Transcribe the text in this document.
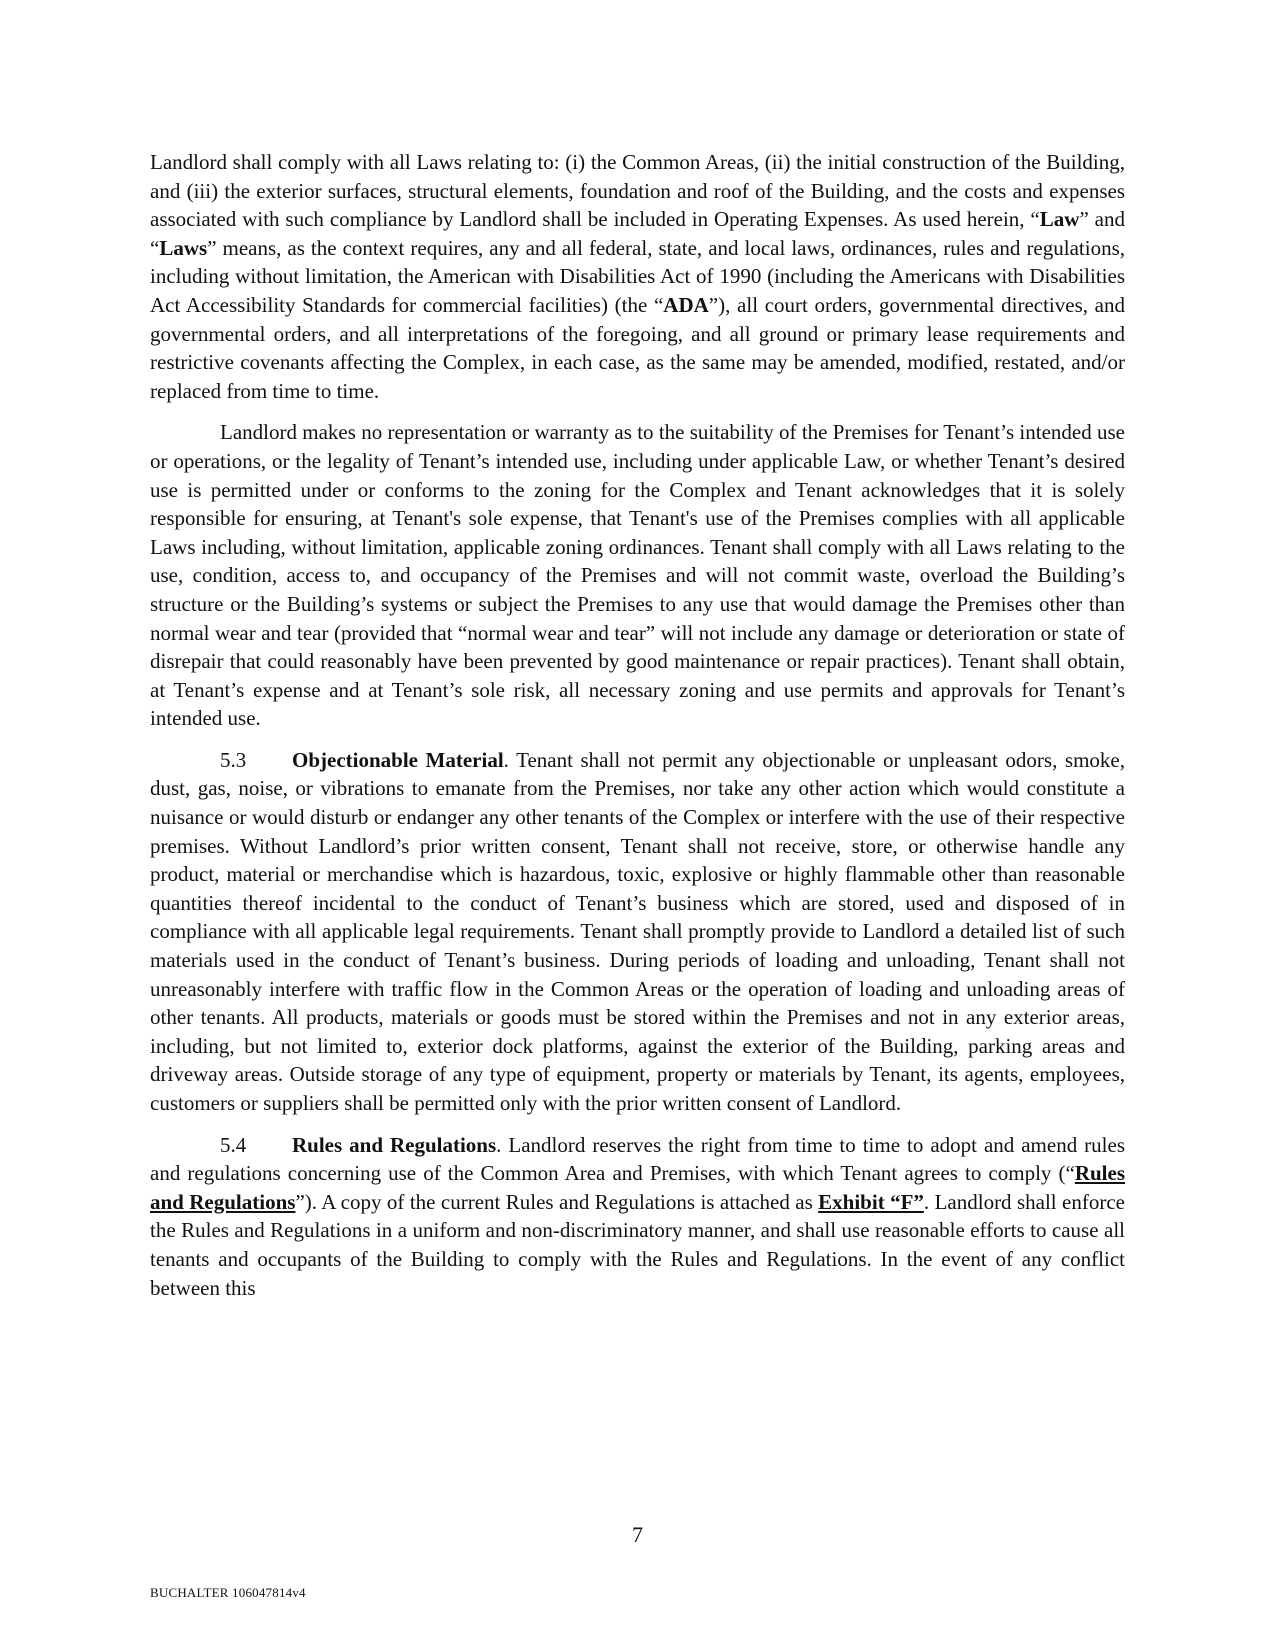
Landlord shall comply with all Laws relating to: (i) the Common Areas, (ii) the initial construction of the Building, and (iii) the exterior surfaces, structural elements, foundation and roof of the Building, and the costs and expenses associated with such compliance by Landlord shall be included in Operating Expenses. As used herein, “Law” and “Laws” means, as the context requires, any and all federal, state, and local laws, ordinances, rules and regulations, including without limitation, the American with Disabilities Act of 1990 (including the Americans with Disabilities Act Accessibility Standards for commercial facilities) (the “ADA”), all court orders, governmental directives, and governmental orders, and all interpretations of the foregoing, and all ground or primary lease requirements and restrictive covenants affecting the Complex, in each case, as the same may be amended, modified, restated, and/or replaced from time to time.

Landlord makes no representation or warranty as to the suitability of the Premises for Tenant’s intended use or operations, or the legality of Tenant’s intended use, including under applicable Law, or whether Tenant’s desired use is permitted under or conforms to the zoning for the Complex and Tenant acknowledges that it is solely responsible for ensuring, at Tenant's sole expense, that Tenant's use of the Premises complies with all applicable Laws including, without limitation, applicable zoning ordinances. Tenant shall comply with all Laws relating to the use, condition, access to, and occupancy of the Premises and will not commit waste, overload the Building’s structure or the Building’s systems or subject the Premises to any use that would damage the Premises other than normal wear and tear (provided that “normal wear and tear” will not include any damage or deterioration or state of disrepair that could reasonably have been prevented by good maintenance or repair practices). Tenant shall obtain, at Tenant’s expense and at Tenant’s sole risk, all necessary zoning and use permits and approvals for Tenant’s intended use.

5.3 Objectionable Material. Tenant shall not permit any objectionable or unpleasant odors, smoke, dust, gas, noise, or vibrations to emanate from the Premises, nor take any other action which would constitute a nuisance or would disturb or endanger any other tenants of the Complex or interfere with the use of their respective premises. Without Landlord’s prior written consent, Tenant shall not receive, store, or otherwise handle any product, material or merchandise which is hazardous, toxic, explosive or highly flammable other than reasonable quantities thereof incidental to the conduct of Tenant’s business which are stored, used and disposed of in compliance with all applicable legal requirements. Tenant shall promptly provide to Landlord a detailed list of such materials used in the conduct of Tenant’s business. During periods of loading and unloading, Tenant shall not unreasonably interfere with traffic flow in the Common Areas or the operation of loading and unloading areas of other tenants. All products, materials or goods must be stored within the Premises and not in any exterior areas, including, but not limited to, exterior dock platforms, against the exterior of the Building, parking areas and driveway areas. Outside storage of any type of equipment, property or materials by Tenant, its agents, employees, customers or suppliers shall be permitted only with the prior written consent of Landlord.

5.4 Rules and Regulations. Landlord reserves the right from time to time to adopt and amend rules and regulations concerning use of the Common Area and Premises, with which Tenant agrees to comply (“Rules and Regulations”). A copy of the current Rules and Regulations is attached as Exhibit “F”. Landlord shall enforce the Rules and Regulations in a uniform and non-discriminatory manner, and shall use reasonable efforts to cause all tenants and occupants of the Building to comply with the Rules and Regulations. In the event of any conflict between this

7
BUCHALTER 106047814v4
